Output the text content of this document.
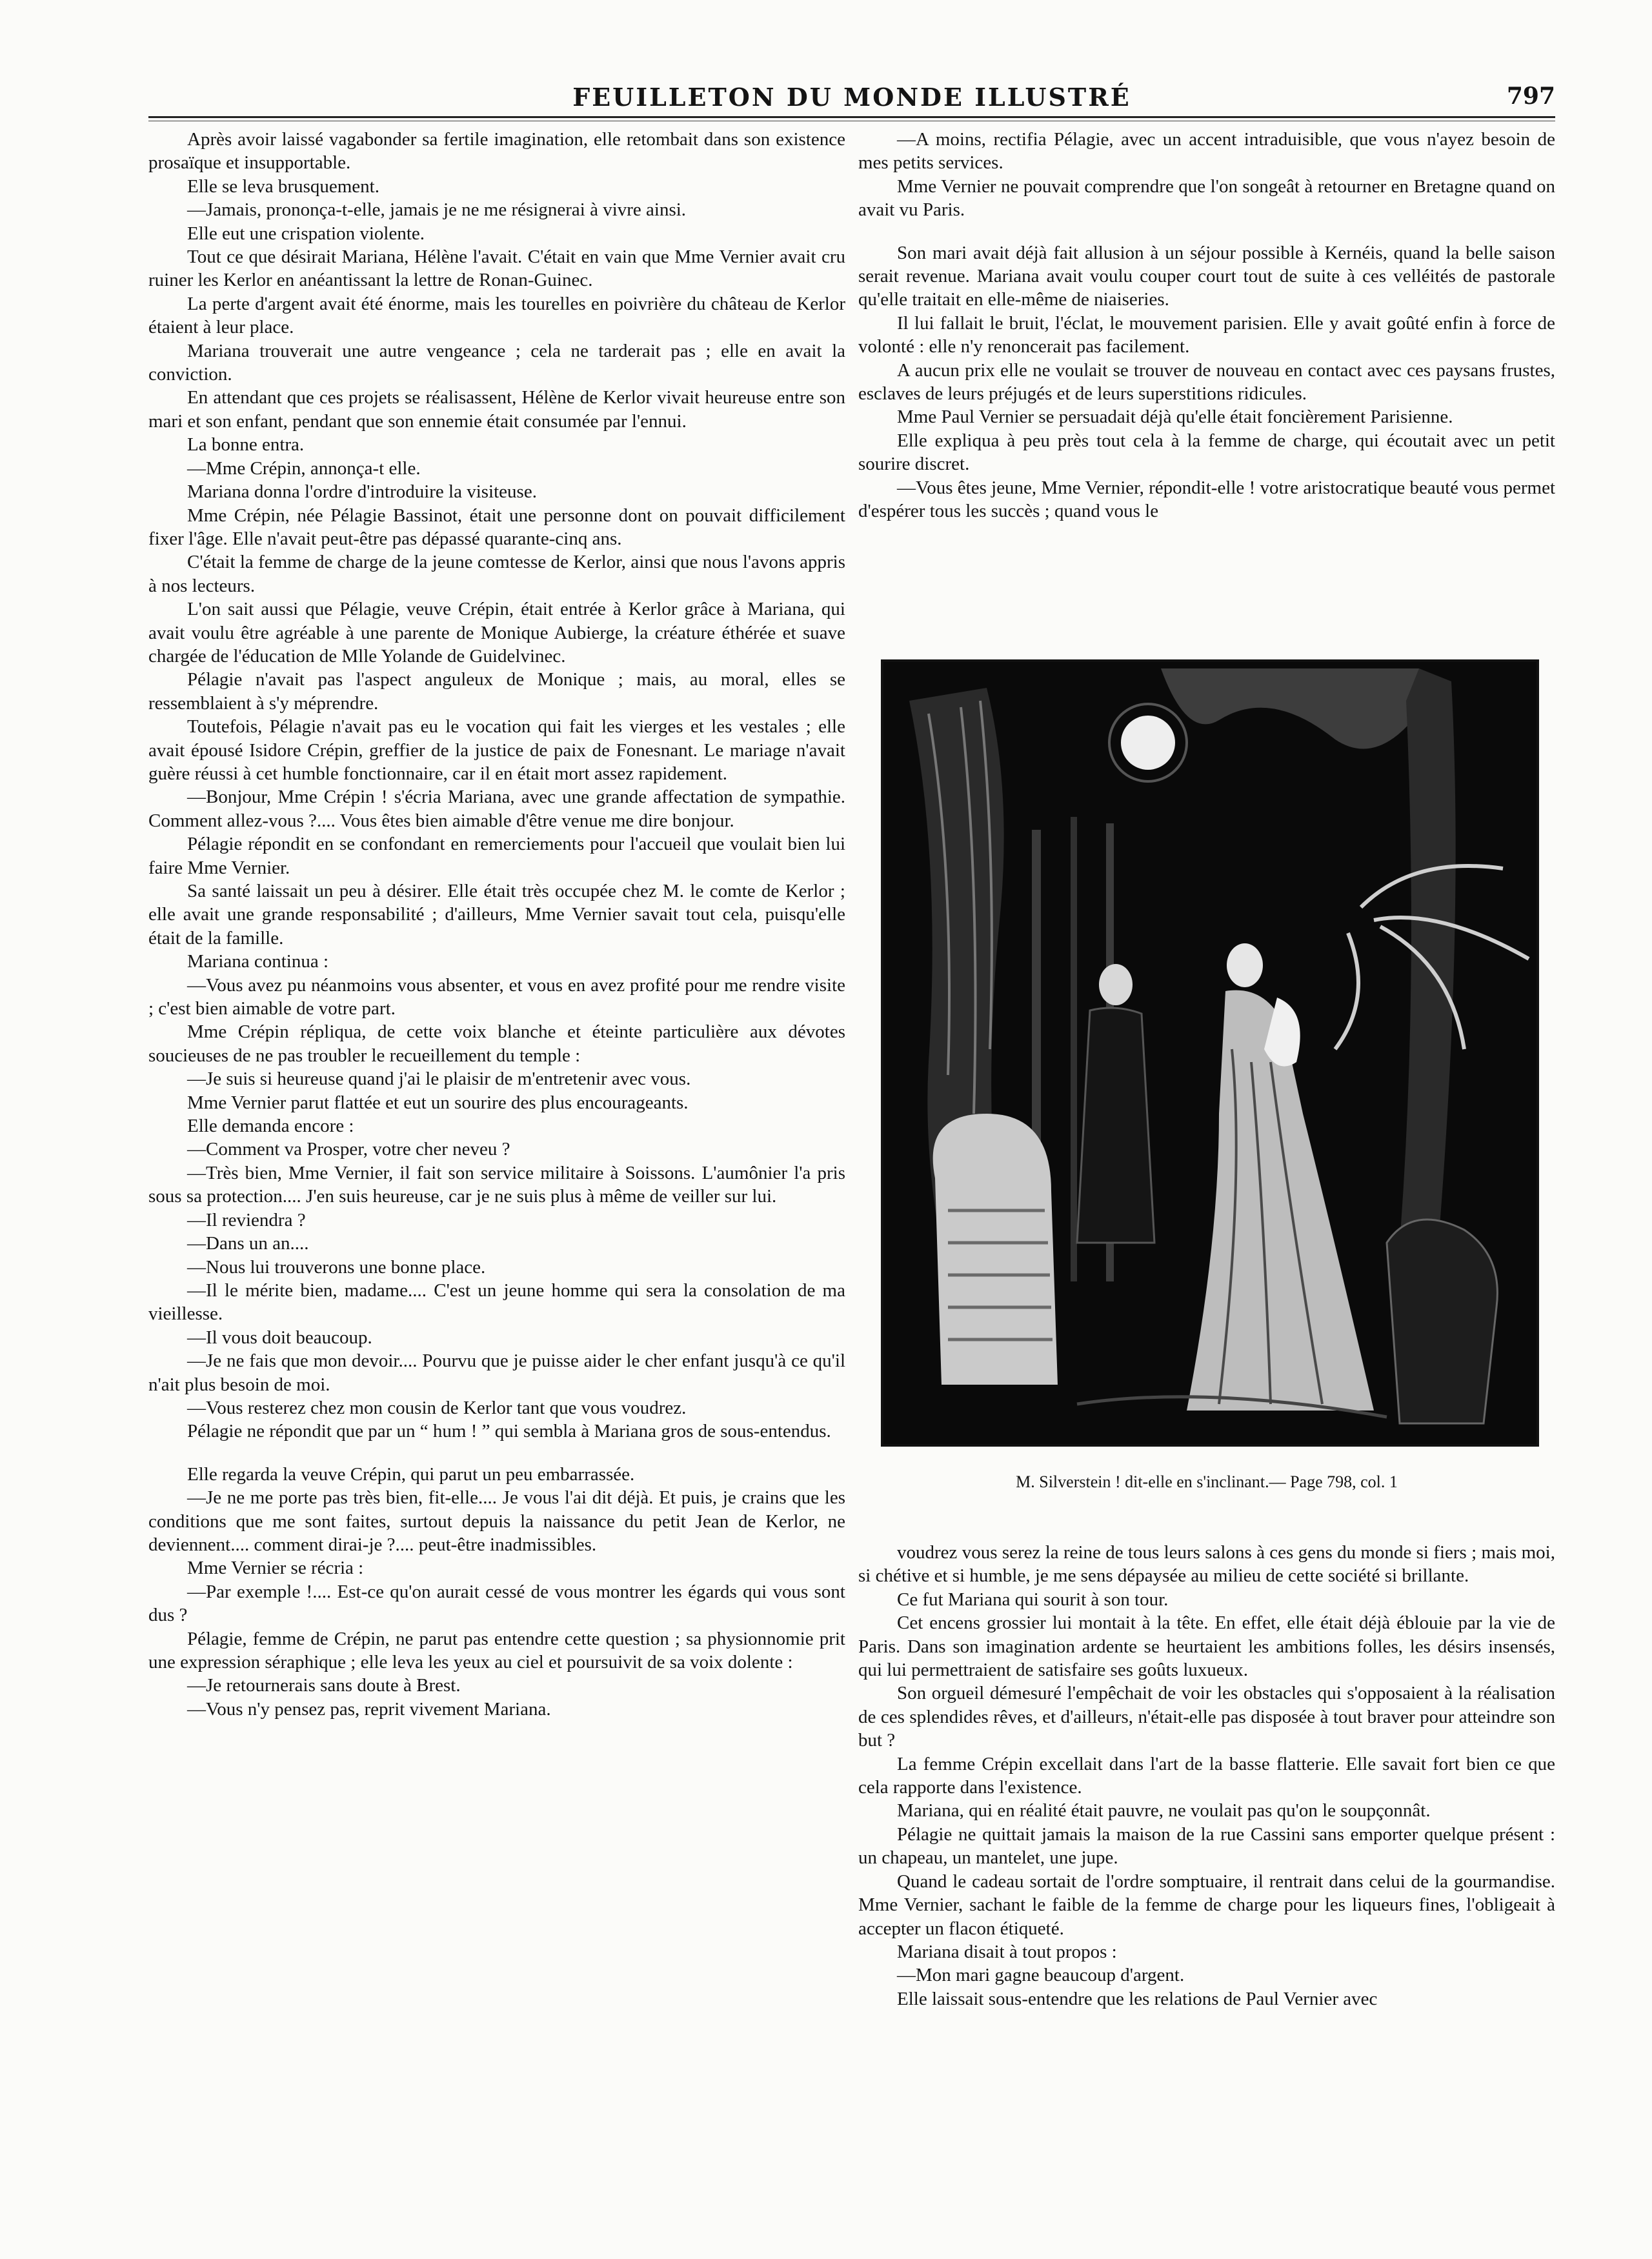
FEUILLETON DU MONDE ILLUSTRÉ	797

Après avoir laissé vagabonder sa fertile imagination, elle retombait dans son existence prosaïque et insupportable.

Elle se leva brusquement.

—Jamais, prononça-t-elle, jamais je ne me résignerai à vivre ainsi.

Elle eut une crispation violente.

Tout ce que désirait Mariana, Hélène l'avait. C'était en vain que Mme Vernier avait cru ruiner les Kerlor en anéantissant la lettre de Ronan-Guinec.

La perte d'argent avait été énorme, mais les tourelles en poivrière du château de Kerlor étaient à leur place.

Mariana trouverait une autre vengeance ; cela ne tarderait pas ; elle en avait la conviction.

En attendant que ces projets se réalisassent, Hélène de Kerlor vivait heureuse entre son mari et son enfant, pendant que son ennemie était consumée par l'ennui.

La bonne entra.

—Mme Crépin, annonça-t elle.

Mariana donna l'ordre d'introduire la visiteuse.

Mme Crépin, née Pélagie Bassinot, était une personne dont on pouvait difficilement fixer l'âge. Elle n'avait peut-être pas dépassé quarante-cinq ans.

C'était la femme de charge de la jeune comtesse de Kerlor, ainsi que nous l'avons appris à nos lecteurs.

L'on sait aussi que Pélagie, veuve Crépin, était entrée à Kerlor grâce à Mariana, qui avait voulu être agréable à une parente de Monique Aubierge, la créature éthérée et suave chargée de l'éducation de Mlle Yolande de Guidelvinec.

Pélagie n'avait pas l'aspect anguleux de Monique ; mais, au moral, elles se ressemblaient à s'y méprendre.

Toutefois, Pélagie n'avait pas eu le vocation qui fait les vierges et les vestales ; elle avait épousé Isidore Crépin, greffier de la justice de paix de Fonesnant. Le mariage n'avait guère réussi à cet humble fonctionnaire, car il en était mort assez rapidement.

—Bonjour, Mme Crépin ! s'écria Mariana, avec une grande affectation de sympathie. Comment allez-vous ?.... Vous êtes bien aimable d'être venue me dire bonjour.

Pélagie répondit en se confondant en remerciements pour l'accueil que voulait bien lui faire Mme Vernier.

Sa santé laissait un peu à désirer. Elle était très occupée chez M. le comte de Kerlor ; elle avait une grande responsabilité ; d'ailleurs, Mme Vernier savait tout cela, puisqu'elle était de la famille.

Mariana continua :

—Vous avez pu néanmoins vous absenter, et vous en avez profité pour me rendre visite ; c'est bien aimable de votre part.

Mme Crépin répliqua, de cette voix blanche et éteinte particulière aux dévotes soucieuses de ne pas troubler le recueillement du temple :

—Je suis si heureuse quand j'ai le plaisir de m'entretenir avec vous.

Mme Vernier parut flattée et eut un sourire des plus encourageants.

Elle demanda encore :

—Comment va Prosper, votre cher neveu ?

—Très bien, Mme Vernier, il fait son service militaire à Soissons. L'aumônier l'a pris sous sa protection.... J'en suis heureuse, car je ne suis plus à même de veiller sur lui.

—Il reviendra ?

—Dans un an....

—Nous lui trouverons une bonne place.

—Il le mérite bien, madame.... C'est un jeune homme qui sera la consolation de ma vieillesse.

—Il vous doit beaucoup.

—Je ne fais que mon devoir.... Pourvu que je puisse aider le cher enfant jusqu'à ce qu'il n'ait plus besoin de moi.

—Vous resterez chez mon cousin de Kerlor tant que vous voudrez.

Pélagie ne répondit que par un “ hum ! ” qui sembla à Mariana gros de sous-entendus.

Elle regarda la veuve Crépin, qui parut un peu embarrassée.

—Je ne me porte pas très bien, fit-elle.... Je vous l'ai dit déjà. Et puis, je crains que les conditions que me sont faites, surtout depuis la naissance du petit Jean de Kerlor, ne deviennent.... comment dirai-je ?.... peut-être inadmissibles.

Mme Vernier se récria :

—Par exemple !.... Est-ce qu'on aurait cessé de vous montrer les égards qui vous sont dus ?

Pélagie, femme de Crépin, ne parut pas entendre cette question ; sa physionnomie prit une expression séraphique ; elle leva les yeux au ciel et poursuivit de sa voix dolente :

—Je retournerais sans doute à Brest.

—Vous n'y pensez pas, reprit vivement Mariana.

—A moins, rectifia Pélagie, avec un accent intraduisible, que vous n'ayez besoin de mes petits services.

Mme Vernier ne pouvait comprendre que l'on songeât à retourner en Bretagne quand on avait vu Paris.

Son mari avait déjà fait allusion à un séjour possible à Kernéis, quand la belle saison serait revenue. Mariana avait voulu couper court tout de suite à ces velléités de pastorale qu'elle traitait en elle-même de niaiseries.

Il lui fallait le bruit, l'éclat, le mouvement parisien. Elle y avait goûté enfin à force de volonté : elle n'y renoncerait pas facilement.

A aucun prix elle ne voulait se trouver de nouveau en contact avec ces paysans frustes, esclaves de leurs préjugés et de leurs superstitions ridicules.

Mme Paul Vernier se persuadait déjà qu'elle était foncièrement Parisienne.

Elle expliqua à peu près tout cela à la femme de charge, qui écoutait avec un petit sourire discret.

—Vous êtes jeune, Mme Vernier, répondit-elle ! votre aristocratique beauté vous permet d'espérer tous les succès ; quand vous le

M. Silverstein ! dit-elle en s'inclinant.— Page 798, col. 1

voudrez vous serez la reine de tous leurs salons à ces gens du monde si fiers ; mais moi, si chétive et si humble, je me sens dépaysée au milieu de cette société si brillante.

Ce fut Mariana qui sourit à son tour.

Cet encens grossier lui montait à la tête. En effet, elle était déjà éblouie par la vie de Paris. Dans son imagination ardente se heurtaient les ambitions folles, les désirs insensés, qui lui permettraient de satisfaire ses goûts luxueux.

Son orgueil démesuré l'empêchait de voir les obstacles qui s'opposaient à la réalisation de ces splendides rêves, et d'ailleurs, n'était-elle pas disposée à tout braver pour atteindre son but ?

La femme Crépin excellait dans l'art de la basse flatterie. Elle savait fort bien ce que cela rapporte dans l'existence.

Mariana, qui en réalité était pauvre, ne voulait pas qu'on le soupçonnât.

Pélagie ne quittait jamais la maison de la rue Cassini sans emporter quelque présent : un chapeau, un mantelet, une jupe.

Quand le cadeau sortait de l'ordre somptuaire, il rentrait dans celui de la gourmandise. Mme Vernier, sachant le faible de la femme de charge pour les liqueurs fines, l'obligeait à accepter un flacon étiqueté.

Mariana disait à tout propos :

—Mon mari gagne beaucoup d'argent.

Elle laissait sous-entendre que les relations de Paul Vernier avec
